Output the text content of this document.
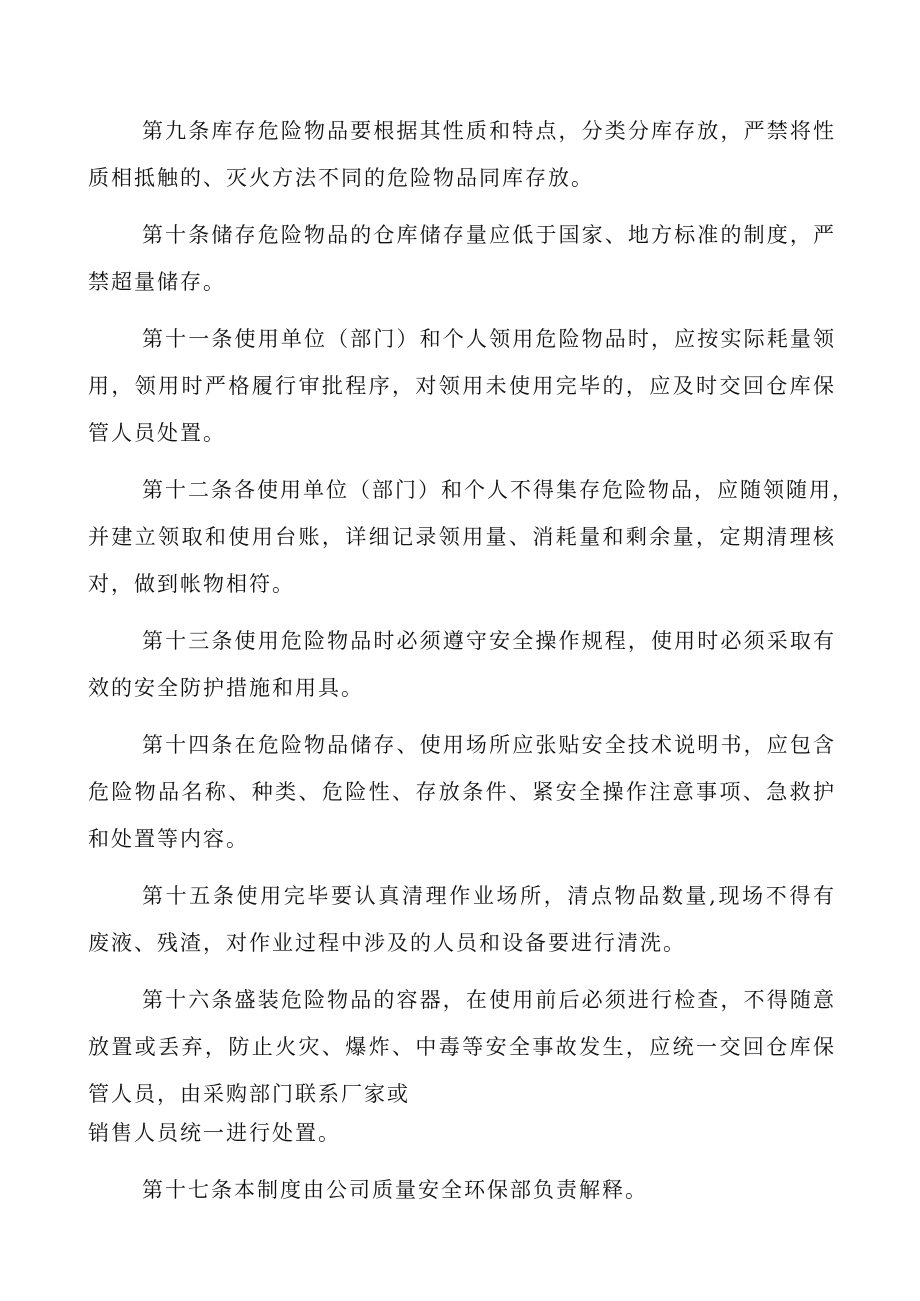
第九条库存危险物品要根据其性质和特点，分类分库存放，严禁将性
质相抵触的、灭火方法不同的危险物品同库存放。

第十条储存危险物品的仓库储存量应低于国家、地方标准的制度，严
禁超量储存。

第十一条使用单位（部门）和个人领用危险物品时，应按实际耗量领
用，领用时严格履行审批程序，对领用未使用完毕的，应及时交回仓库保
管人员处置。

第十二条各使用单位（部门）和个人不得集存危险物品，应随领随用，
并建立领取和使用台账，详细记录领用量、消耗量和剩余量，定期清理核
对，做到帐物相符。

第十三条使用危险物品时必须遵守安全操作规程，使用时必须采取有
效的安全防护措施和用具。

第十四条在危险物品储存、使用场所应张贴安全技术说明书，应包含
危险物品名称、种类、危险性、存放条件、紧安全操作注意事项、急救护
和处置等内容。

第十五条使用完毕要认真清理作业场所，清点物品数量,现场不得有
废液、残渣，对作业过程中涉及的人员和设备要进行清洗。

第十六条盛装危险物品的容器，在使用前后必须进行检查，不得随意
放置或丢弃，防止火灾、爆炸、中毒等安全事故发生，应统一交回仓库保
管人员，由采购部门联系厂家或
销售人员统一进行处置。

第十七条本制度由公司质量安全环保部负责解释。
